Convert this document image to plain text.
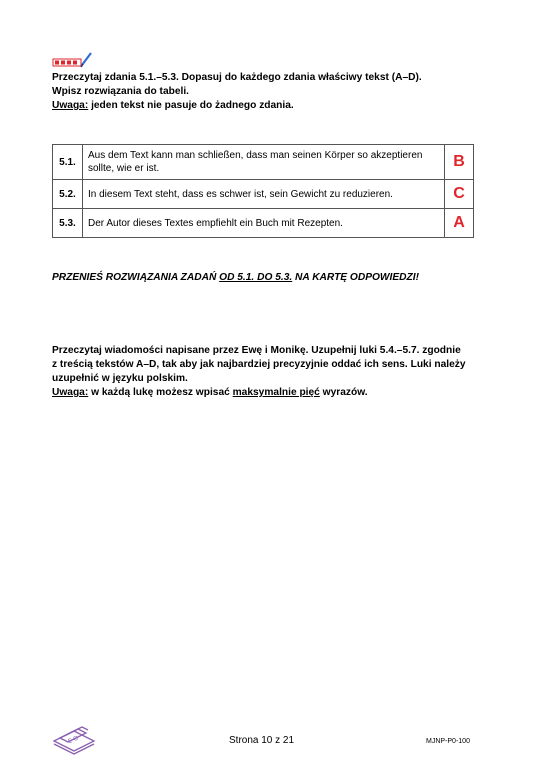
Przeczytaj zdania 5.1.–5.3. Dopasuj do każdego zdania właściwy tekst (A–D).
Wpisz rozwiązania do tabeli.
Uwaga: jeden tekst nie pasuje do żadnego zdania.
5.1.	Aus dem Text kann man schließen, dass man seinen Körper so akzeptieren sollte, wie er ist.	B
5.2.	In diesem Text steht, dass es schwer ist, sein Gewicht zu reduzieren.	C
5.3.	Der Autor dieses Textes empfiehlt ein Buch mit Rezepten.	A
PRZENIEŚ ROZWIĄZANIA ZADAŃ OD 5.1. DO 5.3. NA KARTĘ ODPOWIEDZI!
Przeczytaj wiadomości napisane przez Ewę i Monikę. Uzupełnij luki 5.4.–5.7. zgodnie
z treścią tekstów A–D, tak aby jak najbardziej precyzyjnie oddać ich sens. Luki należy
uzupełnić w języku polskim.
Uwaga: w każdą lukę możesz wpisać maksymalnie pięć wyrazów.
E O	Strona 10 z 21	MJNP-P0-100
